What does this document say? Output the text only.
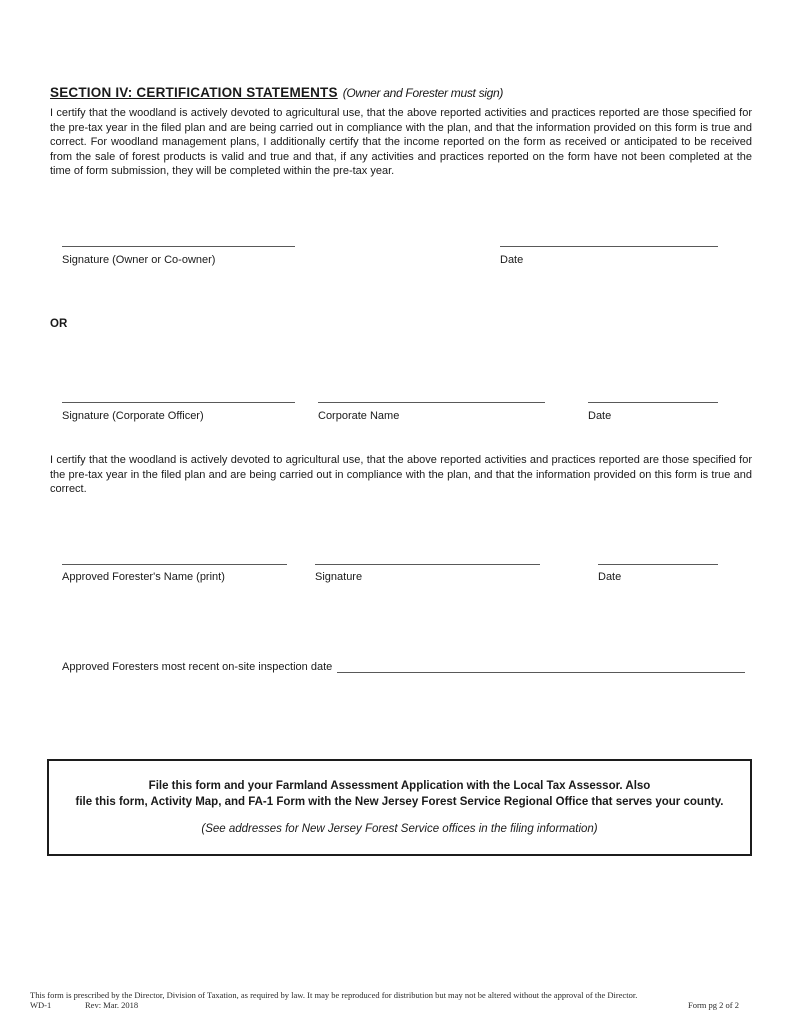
SECTION IV: CERTIFICATION STATEMENTS (Owner and Forester must sign)
I certify that the woodland is actively devoted to agricultural use, that the above reported activities and practices reported are those specified for the pre-tax year in the filed plan and are being carried out in compliance with the plan, and that the information provided on this form is true and correct. For woodland management plans, I additionally certify that the income reported on the form as received or anticipated to be received from the sale of forest products is valid and true and that, if any activities and practices reported on the form have not been completed at the time of form submission, they will be completed within the pre-tax year.
Signature (Owner or Co-owner)	Date
OR
Signature (Corporate Officer)	Corporate Name	Date
I certify that the woodland is actively devoted to agricultural use, that the above reported activities and practices reported are those specified for the pre-tax year in the filed plan and are being carried out in compliance with the plan, and that the information provided on this form is true and correct.
Approved Forester's Name (print)	Signature	Date
Approved Foresters most recent on-site inspection date
File this form and your Farmland Assessment Application with the Local Tax Assessor. Also
file this form, Activity Map, and FA-1 Form with the New Jersey Forest Service Regional Office that serves your county.
(See addresses for New Jersey Forest Service offices in the filing information)
This form is prescribed by the Director, Division of Taxation, as required by law. It may be reproduced for distribution but may not be altered without the approval of the Director.
WD-1	Rev: Mar. 2018	Form pg 2 of 2
